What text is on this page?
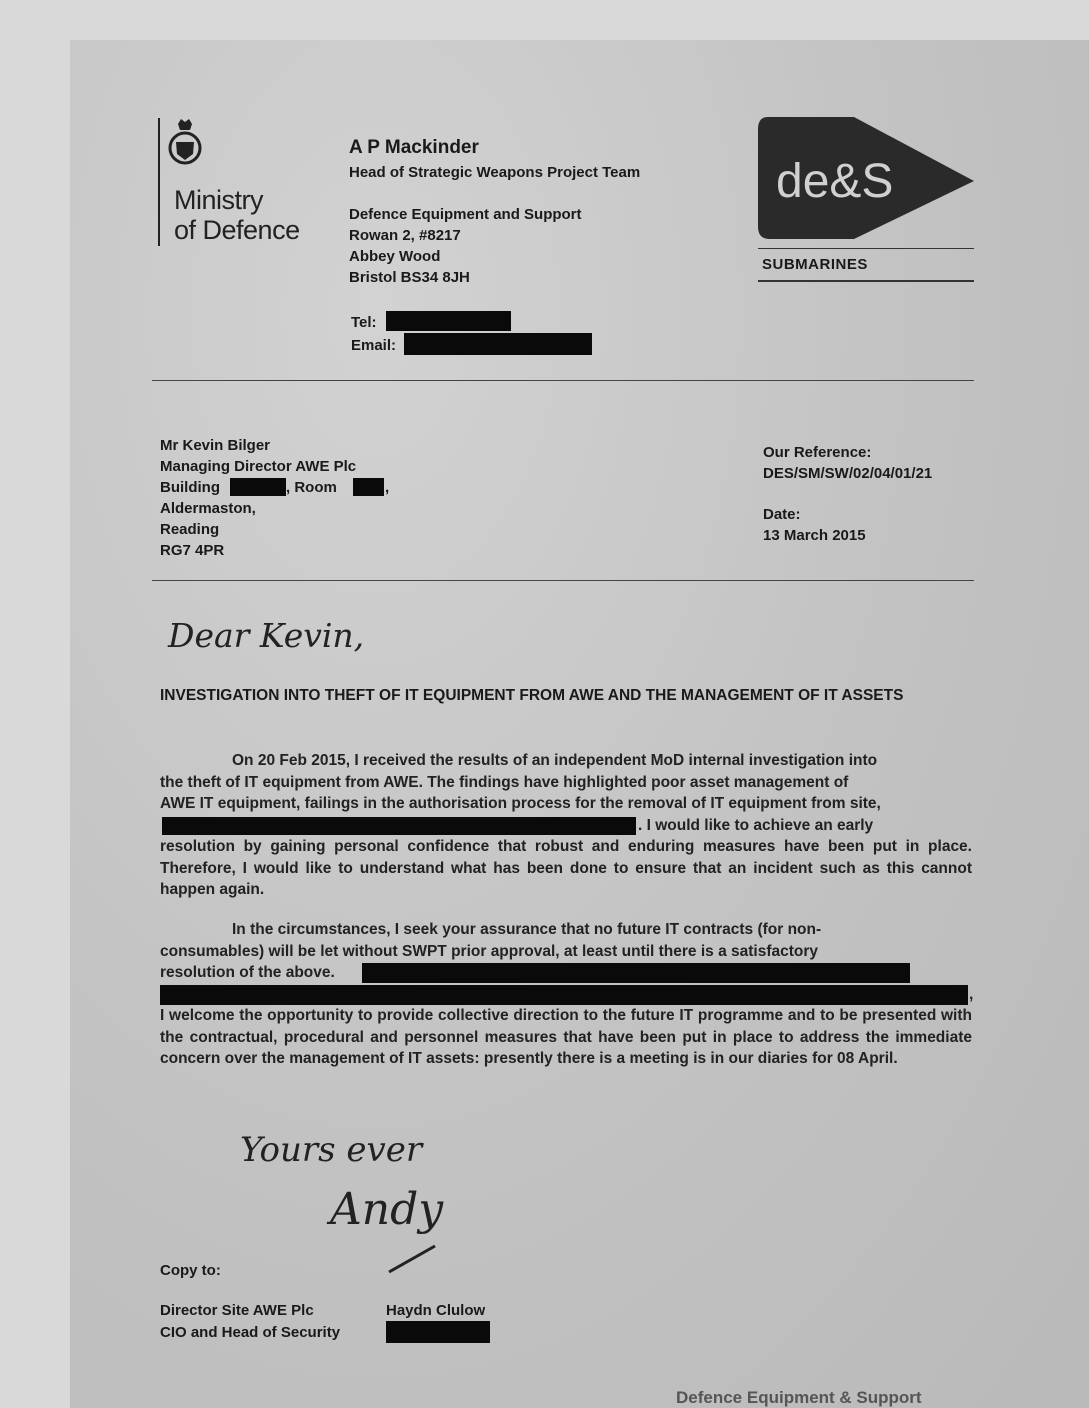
Ministry
of Defence
A P Mackinder
Head of Strategic Weapons Project Team
Defence Equipment and Support
Rowan 2, #8217
Abbey Wood
Bristol BS34 8JH
Tel:
Email:
de&S
SUBMARINES
Mr Kevin Bilger
Managing Director AWE Plc
Building	, Room	,
Aldermaston,
Reading
RG7 4PR
Our Reference:
DES/SM/SW/02/04/01/21
Date:
13 March 2015
Dear Kevin,
INVESTIGATION INTO THEFT OF IT EQUIPMENT FROM AWE AND THE MANAGEMENT OF IT ASSETS
On 20 Feb 2015, I received the results of an independent MoD internal investigation into
the theft of IT equipment from AWE. The findings have highlighted poor asset management of
AWE IT equipment, failings in the authorisation process for the removal of IT equipment from site,
. I would like to achieve an early
resolution by gaining personal confidence that robust and enduring measures have been put in place. Therefore, I would like to understand what has been done to ensure that an incident such as this cannot happen again.
In the circumstances, I seek your assurance that no future IT contracts (for non-
consumables) will be let without SWPT prior approval, at least until there is a satisfactory
resolution of the above.
,
I welcome the opportunity to provide collective direction to the future IT programme and to be presented with the contractual, procedural and personnel measures that have been put in place to address the immediate concern over the management of IT assets: presently there is a meeting is in our diaries for 08 April.
Yours ever
Andy
Copy to:
Director Site AWE Plc	Haydn Clulow
CIO and Head of Security
Defence Equipment & Support
